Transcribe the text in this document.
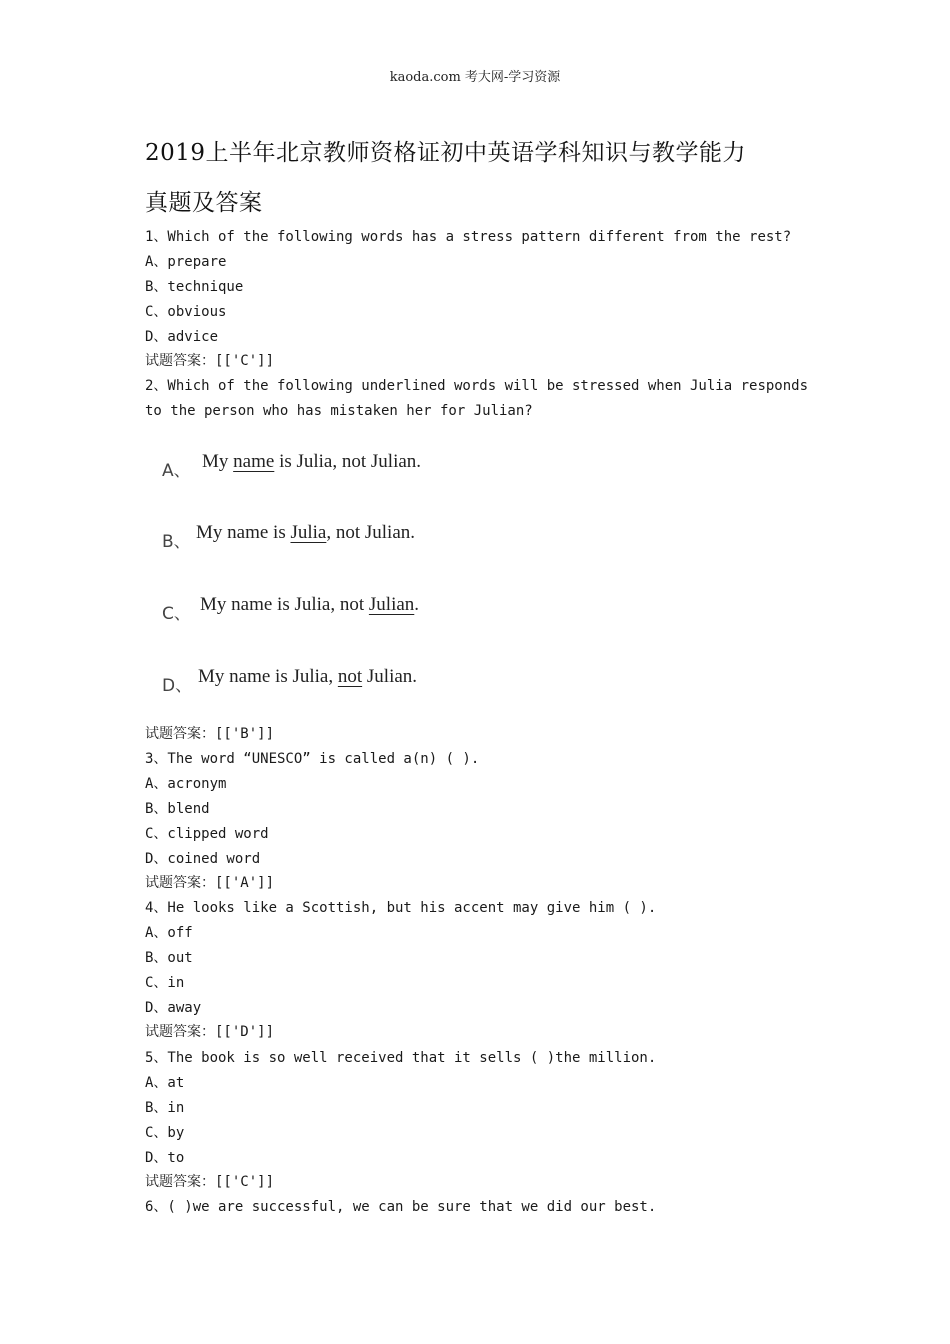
kaoda.com 考大网-学习资源
2019上半年北京教师资格证初中英语学科知识与教学能力
真题及答案
1、Which of the following words has a stress pattern different from the rest?
A、prepare
B、technique
C、obvious
D、advice
试题答案：[['C']]
2、Which of the following underlined words will be stressed when Julia responds
to the person who has mistaken her for Julian?
A、 My name is Julia, not Julian.
B、 My name is Julia, not Julian.
C、 My name is Julia, not Julian.
D、 My name is Julia, not Julian.
试题答案：[['B']]
3、The word “UNESCO” is called a(n) ( ).
A、acronym
B、blend
C、clipped word
D、coined word
试题答案：[['A']]
4、He looks like a Scottish, but his accent may give him ( ).
A、off
B、out
C、in
D、away
试题答案：[['D']]
5、The book is so well received that it sells ( )the million.
A、at
B、in
C、by
D、to
试题答案：[['C']]
6、( )we are successful, we can be sure that we did our best.
